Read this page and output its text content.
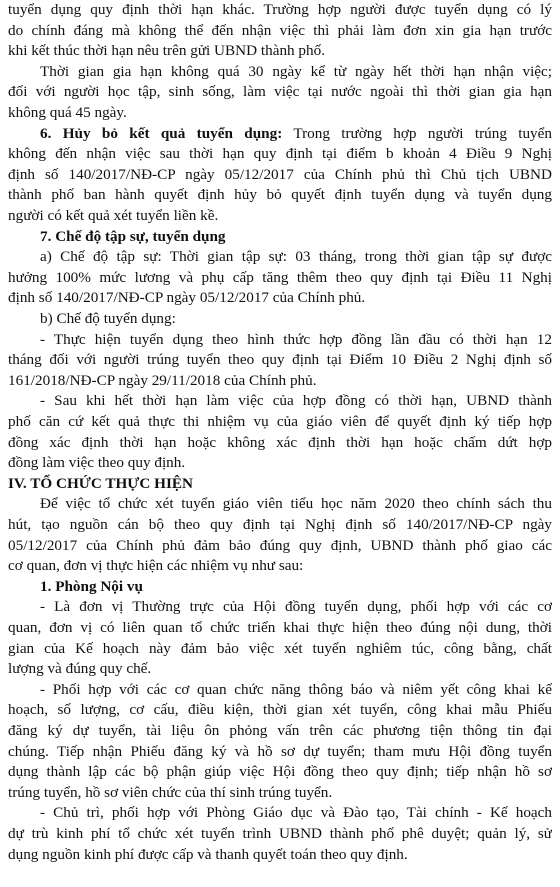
tuyển dụng quy định thời hạn khác. Trường hợp người được tuyển dụng có lý
do chính đáng mà không thể đến nhận việc thì phải làm đơn xin gia hạn trước
khi kết thúc thời hạn nêu trên gửi UBND thành phố.
Thời gian gia hạn không quá 30 ngày kể từ ngày hết thời hạn nhận việc;
đối với người học tập, sinh sống, làm việc tại nước ngoài thì thời gian gia hạn
không quá 45 ngày.
6. Hủy bỏ kết quả tuyển dụng: Trong trường hợp người trúng tuyển
không đến nhận việc sau thời hạn quy định tại điểm b khoản 4 Điều 9 Nghị
định số 140/2017/NĐ-CP ngày 05/12/2017 của Chính phủ thì Chủ tịch UBND
thành phố ban hành quyết định hủy bỏ quyết định tuyển dụng và tuyển dụng
người có kết quả xét tuyển liền kề.
7. Chế độ tập sự, tuyển dụng
a) Chế độ tập sự: Thời gian tập sự: 03 tháng, trong thời gian tập sự được
hưởng 100% mức lương và phụ cấp tăng thêm theo quy định tại Điều 11 Nghị
định số 140/2017/NĐ-CP ngày 05/12/2017 của Chính phủ.
b) Chế độ tuyển dụng:
- Thực hiện tuyển dụng theo hình thức hợp đồng lần đầu có thời hạn 12
tháng đối với người trúng tuyển theo quy định tại Điểm 10 Điều 2 Nghị định số
161/2018/NĐ-CP ngày 29/11/2018 của Chính phủ.
- Sau khi hết thời hạn làm việc của hợp đồng có thời hạn, UBND thành
phố căn cứ kết quả thực thi nhiệm vụ của giáo viên để quyết định ký tiếp hợp
đồng xác định thời hạn hoặc không xác định thời hạn hoặc chấm dứt hợp
đồng làm việc theo quy định.
IV. TỔ CHỨC THỰC HIỆN
Để việc tổ chức xét tuyển giáo viên tiểu học năm 2020 theo chính sách thu
hút, tạo nguồn cán bộ theo quy định tại Nghị định số 140/2017/NĐ-CP ngày
05/12/2017 của Chính phủ đảm bảo đúng quy định, UBND thành phố giao các
cơ quan, đơn vị thực hiện các nhiệm vụ như sau:
1. Phòng Nội vụ
- Là đơn vị Thường trực của Hội đồng tuyển dụng, phối hợp với các cơ
quan, đơn vị có liên quan tổ chức triển khai thực hiện theo đúng nội dung, thời
gian của Kế hoạch này đảm bảo việc xét tuyển nghiêm túc, công bằng, chất
lượng và đúng quy chế.
- Phối hợp với các cơ quan chức năng thông báo và niêm yết công khai kế
hoạch, số lượng, cơ cấu, điều kiện, thời gian xét tuyển, công khai mẫu Phiếu
đăng ký dự tuyển, tài liệu ôn phỏng vấn trên các phương tiện thông tin đại
chúng. Tiếp nhận Phiếu đăng ký và hồ sơ dự tuyển; tham mưu Hội đồng tuyển
dụng thành lập các bộ phận giúp việc Hội đồng theo quy định; tiếp nhận hồ sơ
trúng tuyển, hồ sơ viên chức của thí sinh trúng tuyển.
- Chủ trì, phối hợp với Phòng Giáo dục và Đào tạo, Tài chính - Kế hoạch
dự trù kinh phí tổ chức xét tuyển trình UBND thành phố phê duyệt; quản lý, sử
dụng nguồn kinh phí được cấp và thanh quyết toán theo quy định.
